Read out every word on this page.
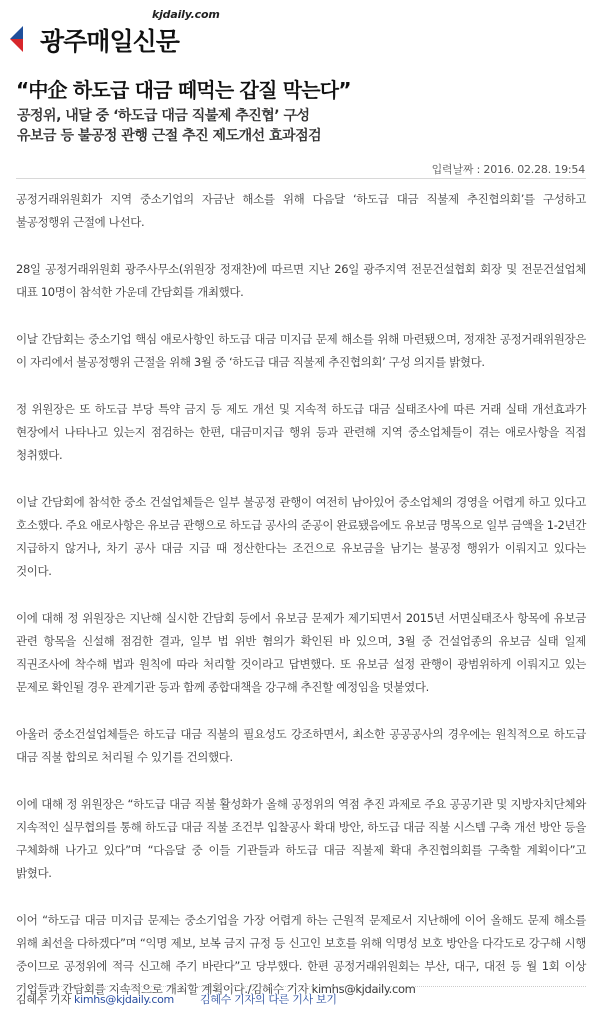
kjdaily.com
광주매일신문
“中企 하도급 대금 떼먹는 갑질 막는다”
공정위, 내달 중 ‘하도급 대금 직불제 추진협’ 구성
유보금 등 불공정 관행 근절 추진 제도개선 효과점검
입력날짜 : 2016. 02.28. 19:54

공정거래위원회가 지역 중소기업의 자금난 해소를 위해 다음달 ‘하도급 대금 직불제 추진협의회’를 구성하고 불공정행위 근절에 나선다.

28일 공정거래위원회 광주사무소(위원장 정재찬)에 따르면 지난 26일 광주지역 전문건설협회 회장 및 전문건설업체 대표 10명이 참석한 가운데 간담회를 개최했다.

이날 간담회는 중소기업 핵심 애로사항인 하도급 대금 미지급 문제 해소를 위해 마련됐으며, 정재찬 공정거래위원장은 이 자리에서 불공정행위 근절을 위해 3월 중 ‘하도급 대금 직불제 추진협의회’ 구성 의지를 밝혔다.

정 위원장은 또 하도급 부당 특약 금지 등 제도 개선 및 지속적 하도급 대금 실태조사에 따른 거래 실태 개선효과가 현장에서 나타나고 있는지 점검하는 한편, 대금미지급 행위 등과 관련해 지역 중소업체들이 겪는 애로사항을 직접 청취했다.

이날 간담회에 참석한 중소 건설업체들은 일부 불공정 관행이 여전히 남아있어 중소업체의 경영을 어렵게 하고 있다고 호소했다. 주요 애로사항은 유보금 관행으로 하도급 공사의 준공이 완료됐음에도 유보금 명목으로 일부 금액을 1-2년간 지급하지 않거나, 차기 공사 대금 지급 때 정산한다는 조건으로 유보금을 남기는 불공정 행위가 이뤄지고 있다는 것이다.

이에 대해 정 위원장은 지난해 실시한 간담회 등에서 유보금 문제가 제기되면서 2015년 서면실태조사 항목에 유보금 관련 항목을 신설해 점검한 결과, 일부 법 위반 혐의가 확인된 바 있으며, 3월 중 건설업종의 유보금 실태 일제 직권조사에 착수해 법과 원칙에 따라 처리할 것이라고 답변했다. 또 유보금 설정 관행이 광범위하게 이뤄지고 있는 문제로 확인될 경우 관계기관 등과 함께 종합대책을 강구해 추진할 예정임을 덧붙였다.

아울러 중소건설업체들은 하도급 대금 직불의 필요성도 강조하면서, 최소한 공공공사의 경우에는 원칙적으로 하도급 대금 직불 합의로 처리될 수 있기를 건의했다.

이에 대해 정 위원장은 “하도급 대금 직불 활성화가 올해 공정위의 역점 추진 과제로 주요 공공기관 및 지방자치단체와 지속적인 실무협의를 통해 하도급 대금 직불 조건부 입찰공사 확대 방안, 하도급 대금 직불 시스템 구축 개선 방안 등을 구체화해 나가고 있다”며 “다음달 중 이들 기관들과 하도급 대금 직불제 확대 추진협의회를 구축할 계획이다”고 밝혔다.

이어 “하도급 대금 미지급 문제는 중소기업을 가장 어렵게 하는 근원적 문제로서 지난해에 이어 올해도 문제 해소를 위해 최선을 다하겠다”며 “익명 제보, 보복 금지 규정 등 신고인 보호를 위해 익명성 보호 방안을 다각도로 강구해 시행 중이므로 공정위에 적극 신고해 주기 바란다”고 당부했다. 한편 공정거래위원회는 부산, 대구, 대전 등 월 1회 이상 기업들과 간담회를 지속적으로 개최할 계획이다./김혜수 기자 kimhs@kjdaily.com

김혜수 기자 kimhs@kjdaily.com 김혜수 기자의 다른 기사 보기
